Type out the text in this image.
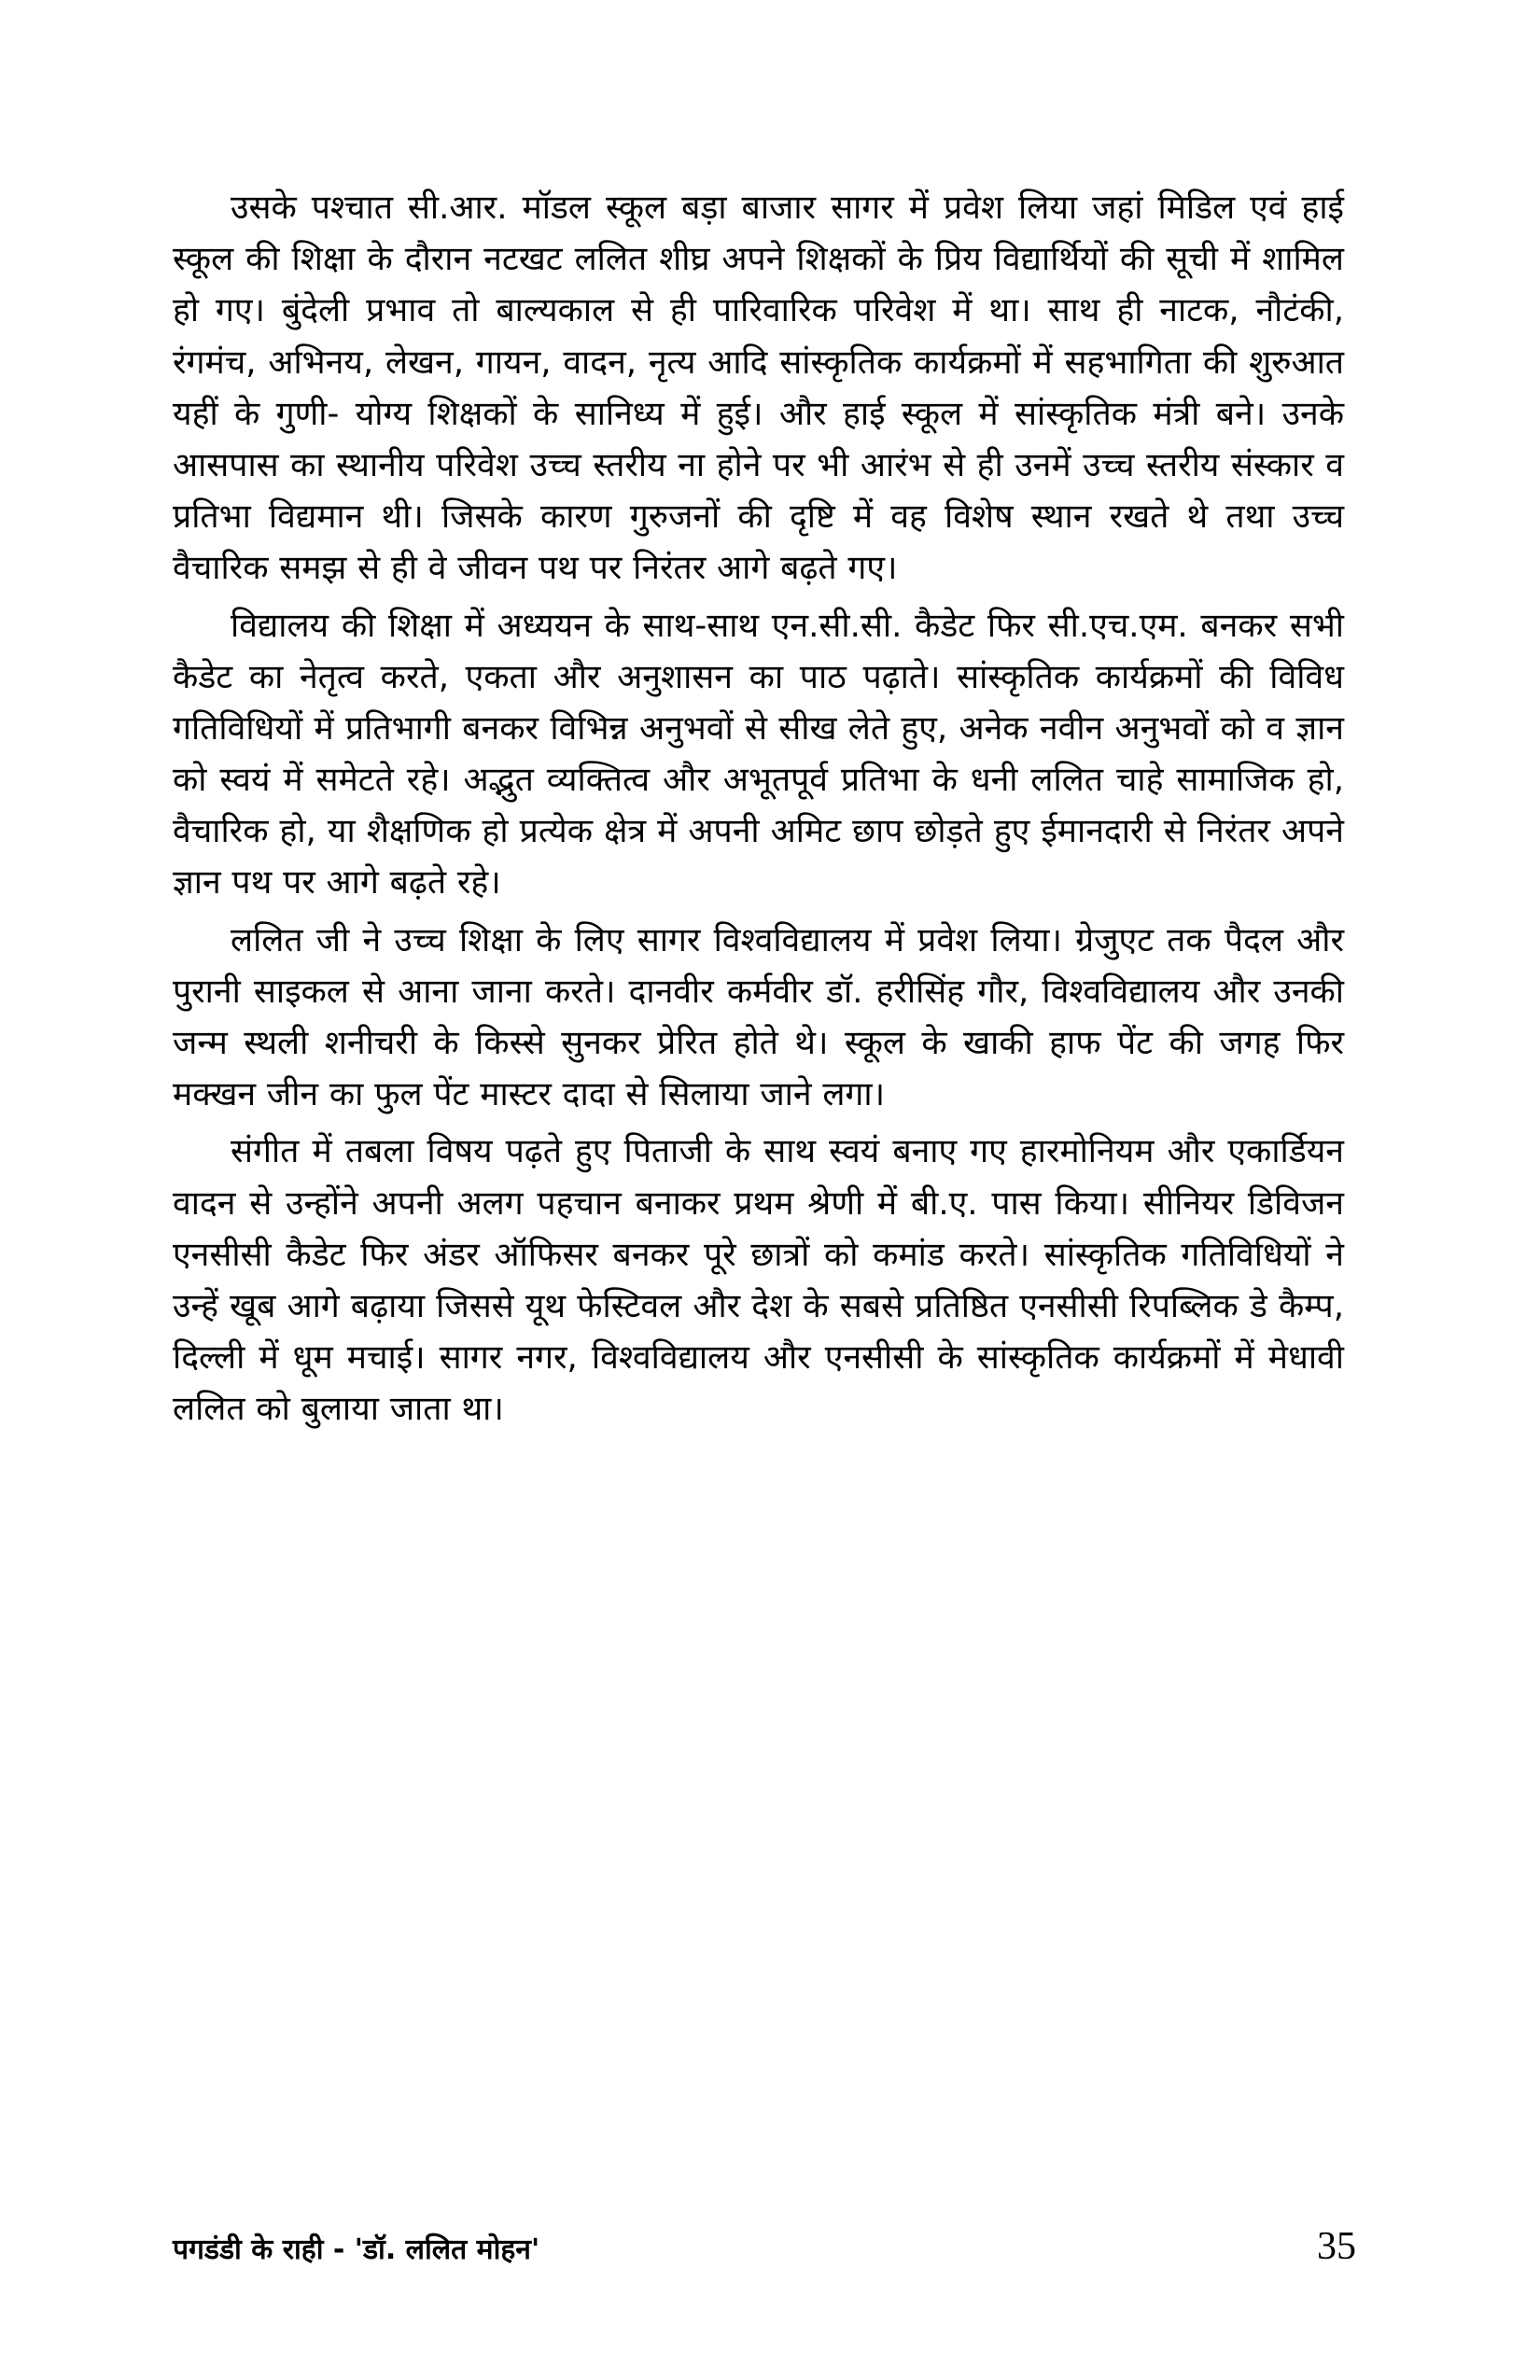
उसके पश्चात सी.आर. मॉडल स्कूल बड़ा बाजार सागर में प्रवेश लिया जहां मिडिल एवं हाई स्कूल की शिक्षा के दौरान नटखट ललित शीघ्र अपने शिक्षकों के प्रिय विद्यार्थियों की सूची में शामिल हो गए। बुंदेली प्रभाव तो बाल्यकाल से ही पारिवारिक परिवेश में था। साथ ही नाटक, नौटंकी, रंगमंच, अभिनय, लेखन, गायन, वादन, नृत्य आदि सांस्कृतिक कार्यक्रमों में सहभागिता की शुरुआत यहीं के गुणी- योग्य शिक्षकों के सानिध्य में हुई। और हाई स्कूल में सांस्कृतिक मंत्री बने। उनके आसपास का स्थानीय परिवेश उच्च स्तरीय ना होने पर भी आरंभ से ही उनमें उच्च स्तरीय संस्कार व प्रतिभा विद्यमान थी। जिसके कारण गुरुजनों की दृष्टि में वह विशेष स्थान रखते थे तथा उच्च वैचारिक समझ से ही वे जीवन पथ पर निरंतर आगे बढ़ते गए।

विद्यालय की शिक्षा में अध्ययन के साथ-साथ एन.सी.सी. कैडेट फिर सी.एच.एम. बनकर सभी कैडेट का नेतृत्व करते, एकता और अनुशासन का पाठ पढ़ाते। सांस्कृतिक कार्यक्रमों की विविध गतिविधियों में प्रतिभागी बनकर विभिन्न अनुभवों से सीख लेते हुए, अनेक नवीन अनुभवों को व ज्ञान को स्वयं में समेटते रहे। अद्भुत व्यक्तित्व और अभूतपूर्व प्रतिभा के धनी ललित चाहे सामाजिक हो, वैचारिक हो, या शैक्षणिक हो प्रत्येक क्षेत्र में अपनी अमिट छाप छोड़ते हुए ईमानदारी से निरंतर अपने ज्ञान पथ पर आगे बढ़ते रहे।

ललित जी ने उच्च शिक्षा के लिए सागर विश्वविद्यालय में प्रवेश लिया। ग्रेजुएट तक पैदल और पुरानी साइकल से आना जाना करते। दानवीर कर्मवीर डॉ. हरीसिंह गौर, विश्वविद्यालय और उनकी जन्म स्थली शनीचरी के किस्से सुनकर प्रेरित होते थे। स्कूल के खाकी हाफ पेंट की जगह फिर मक्खन जीन का फुल पेंट मास्टर दादा से सिलाया जाने लगा।

संगीत में तबला विषय पढ़ते हुए पिताजी के साथ स्वयं बनाए गए हारमोनियम और एकार्डियन वादन से उन्होंने अपनी अलग पहचान बनाकर प्रथम श्रेणी में बी.ए. पास किया। सीनियर डिविजन एनसीसी कैडेट फिर अंडर ऑफिसर बनकर पूरे छात्रों को कमांड करते। सांस्कृतिक गतिविधियों ने उन्हें खूब आगे बढ़ाया जिससे यूथ फेस्टिवल और देश के सबसे प्रतिष्ठित एनसीसी रिपब्लिक डे कैम्प, दिल्ली में धूम मचाई। सागर नगर, विश्वविद्यालय और एनसीसी के सांस्कृतिक कार्यक्रमों में मेधावी ललित को बुलाया जाता था।

पगडंडी के राही - 'डॉ. ललित मोहन'	35
